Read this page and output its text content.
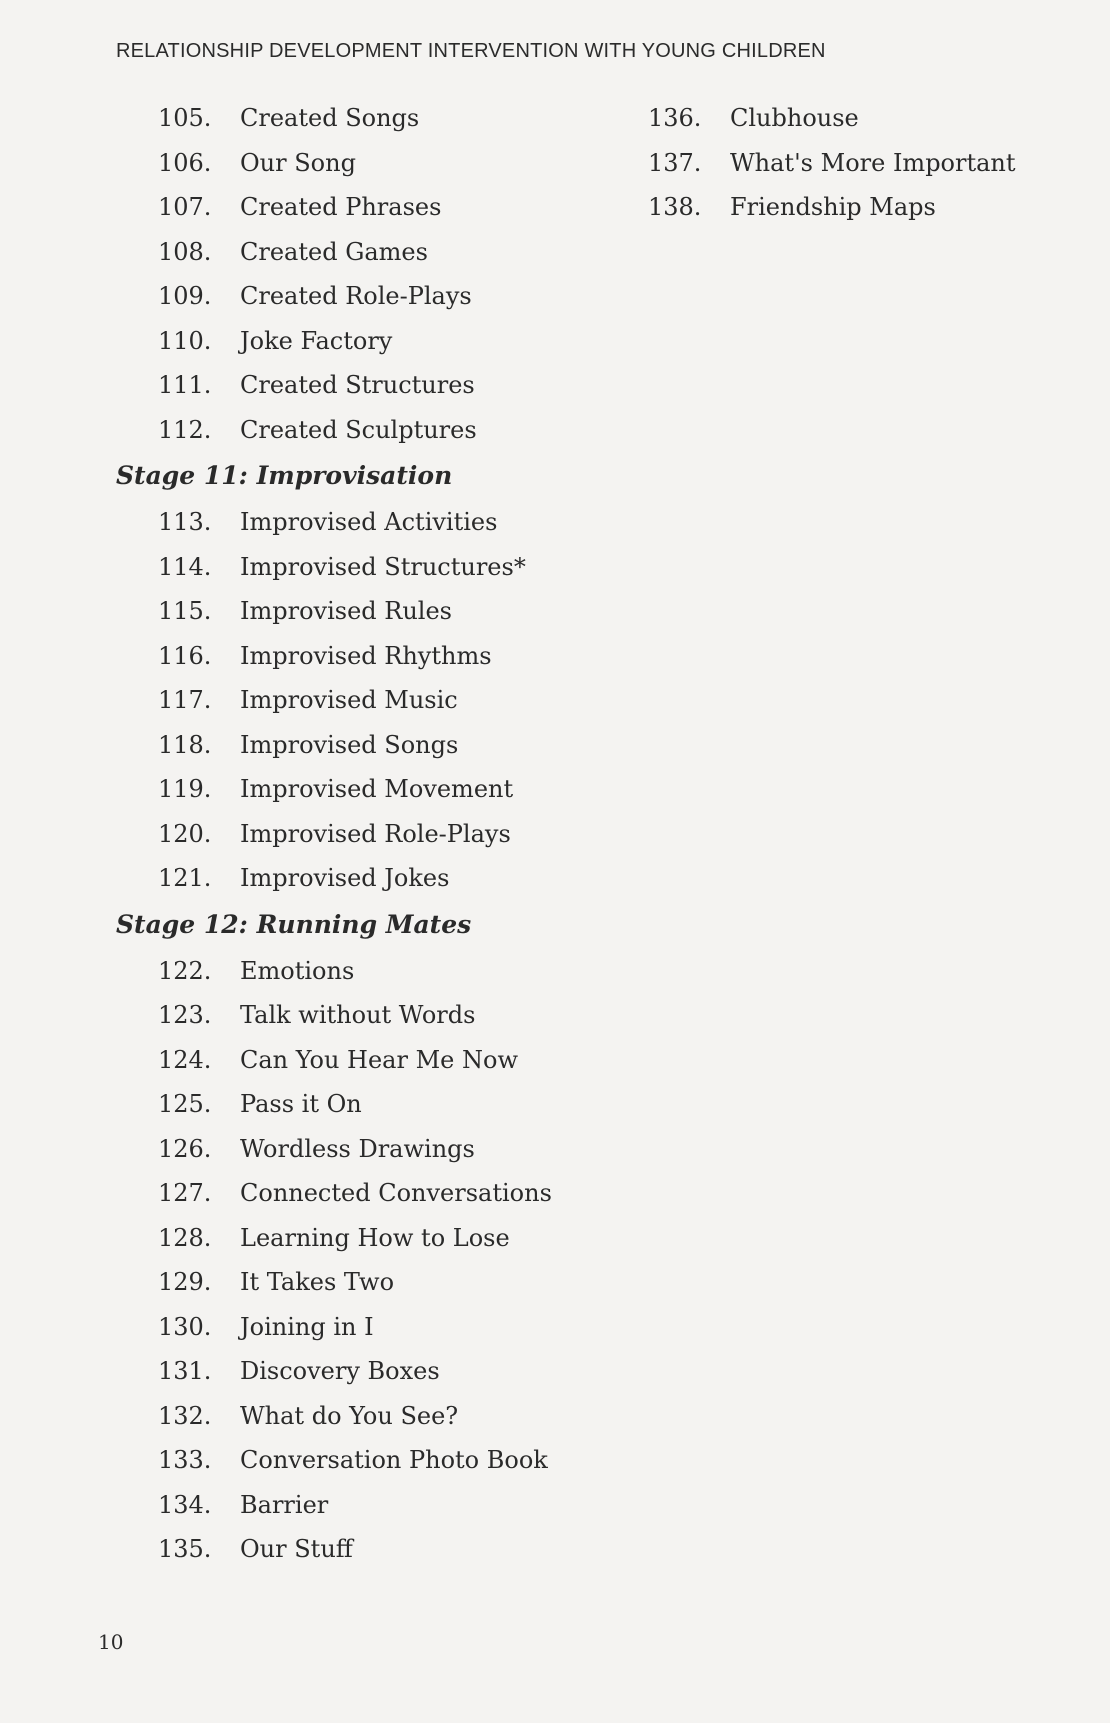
RELATIONSHIP DEVELOPMENT INTERVENTION WITH YOUNG CHILDREN
105.	Created Songs
106.	Our Song
107.	Created Phrases
108.	Created Games
109.	Created Role-Plays
110.	Joke Factory
111.	Created Structures
112.	Created Sculptures
Stage 11: Improvisation
113.	Improvised Activities
114.	Improvised Structures*
115.	Improvised Rules
116.	Improvised Rhythms
117.	Improvised Music
118.	Improvised Songs
119.	Improvised Movement
120.	Improvised Role-Plays
121.	Improvised Jokes
Stage 12: Running Mates
122.	Emotions
123.	Talk without Words
124.	Can You Hear Me Now
125.	Pass it On
126.	Wordless Drawings
127.	Connected Conversations
128.	Learning How to Lose
129.	It Takes Two
130.	Joining in I
131.	Discovery Boxes
132.	What do You See?
133.	Conversation Photo Book
134.	Barrier
135.	Our Stuff
136.	Clubhouse
137.	What's More Important
138.	Friendship Maps
10
